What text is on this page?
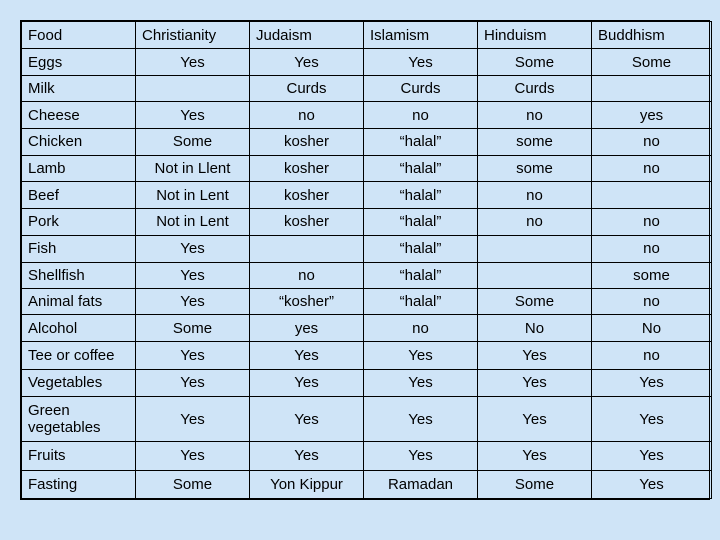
Food	Christianity	Judaism	Islamism	Hinduism	Buddhism
Eggs	Yes	Yes	Yes	Some	Some
Milk		Curds	Curds	Curds	
Cheese	Yes	no	no	no	yes
Chicken	Some	kosher	“halal”	some	no
Lamb	Not in Llent	kosher	“halal”	some	no
Beef	Not in Lent	kosher	“halal”	no	
Pork	Not in Lent	kosher	“halal”	no	no
Fish	Yes		“halal”		no
Shellfish	Yes	no	“halal”		some
Animal fats	Yes	“kosher”	“halal”	Some	no
Alcohol	Some	yes	no	No	No
Tee or coffee	Yes	Yes	Yes	Yes	no
Vegetables	Yes	Yes	Yes	Yes	Yes
Green vegetables	Yes	Yes	Yes	Yes	Yes
Fruits	Yes	Yes	Yes	Yes	Yes
Fasting	Some	Yon Kippur	Ramadan	Some	Yes
